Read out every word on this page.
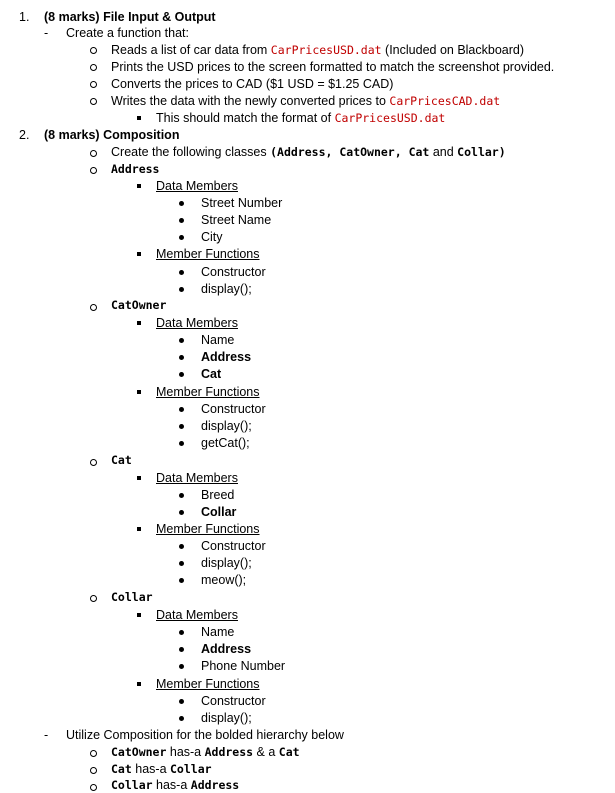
1. (8 marks) File Input & Output
- Create a function that:
Reads a list of car data from CarPricesUSD.dat (Included on Blackboard)
Prints the USD prices to the screen formatted to match the screenshot provided.
Converts the prices to CAD ($1 USD = $1.25 CAD)
Writes the data with the newly converted prices to CarPricesCAD.dat
This should match the format of CarPricesUSD.dat
2. (8 marks) Composition
Create the following classes (Address, CatOwner, Cat and Collar)
Address
Data Members
Street Number
Street Name
City
Member Functions
Constructor
display();
CatOwner
Data Members
Name
Address
Cat
Member Functions
Constructor
display();
getCat();
Cat
Data Members
Breed
Collar
Member Functions
Constructor
display();
meow();
Collar
Data Members
Name
Address
Phone Number
Member Functions
Constructor
display();
- Utilize Composition for the bolded hierarchy below
CatOwner has-a Address & a Cat
Cat has-a Collar
Collar has-a Address
